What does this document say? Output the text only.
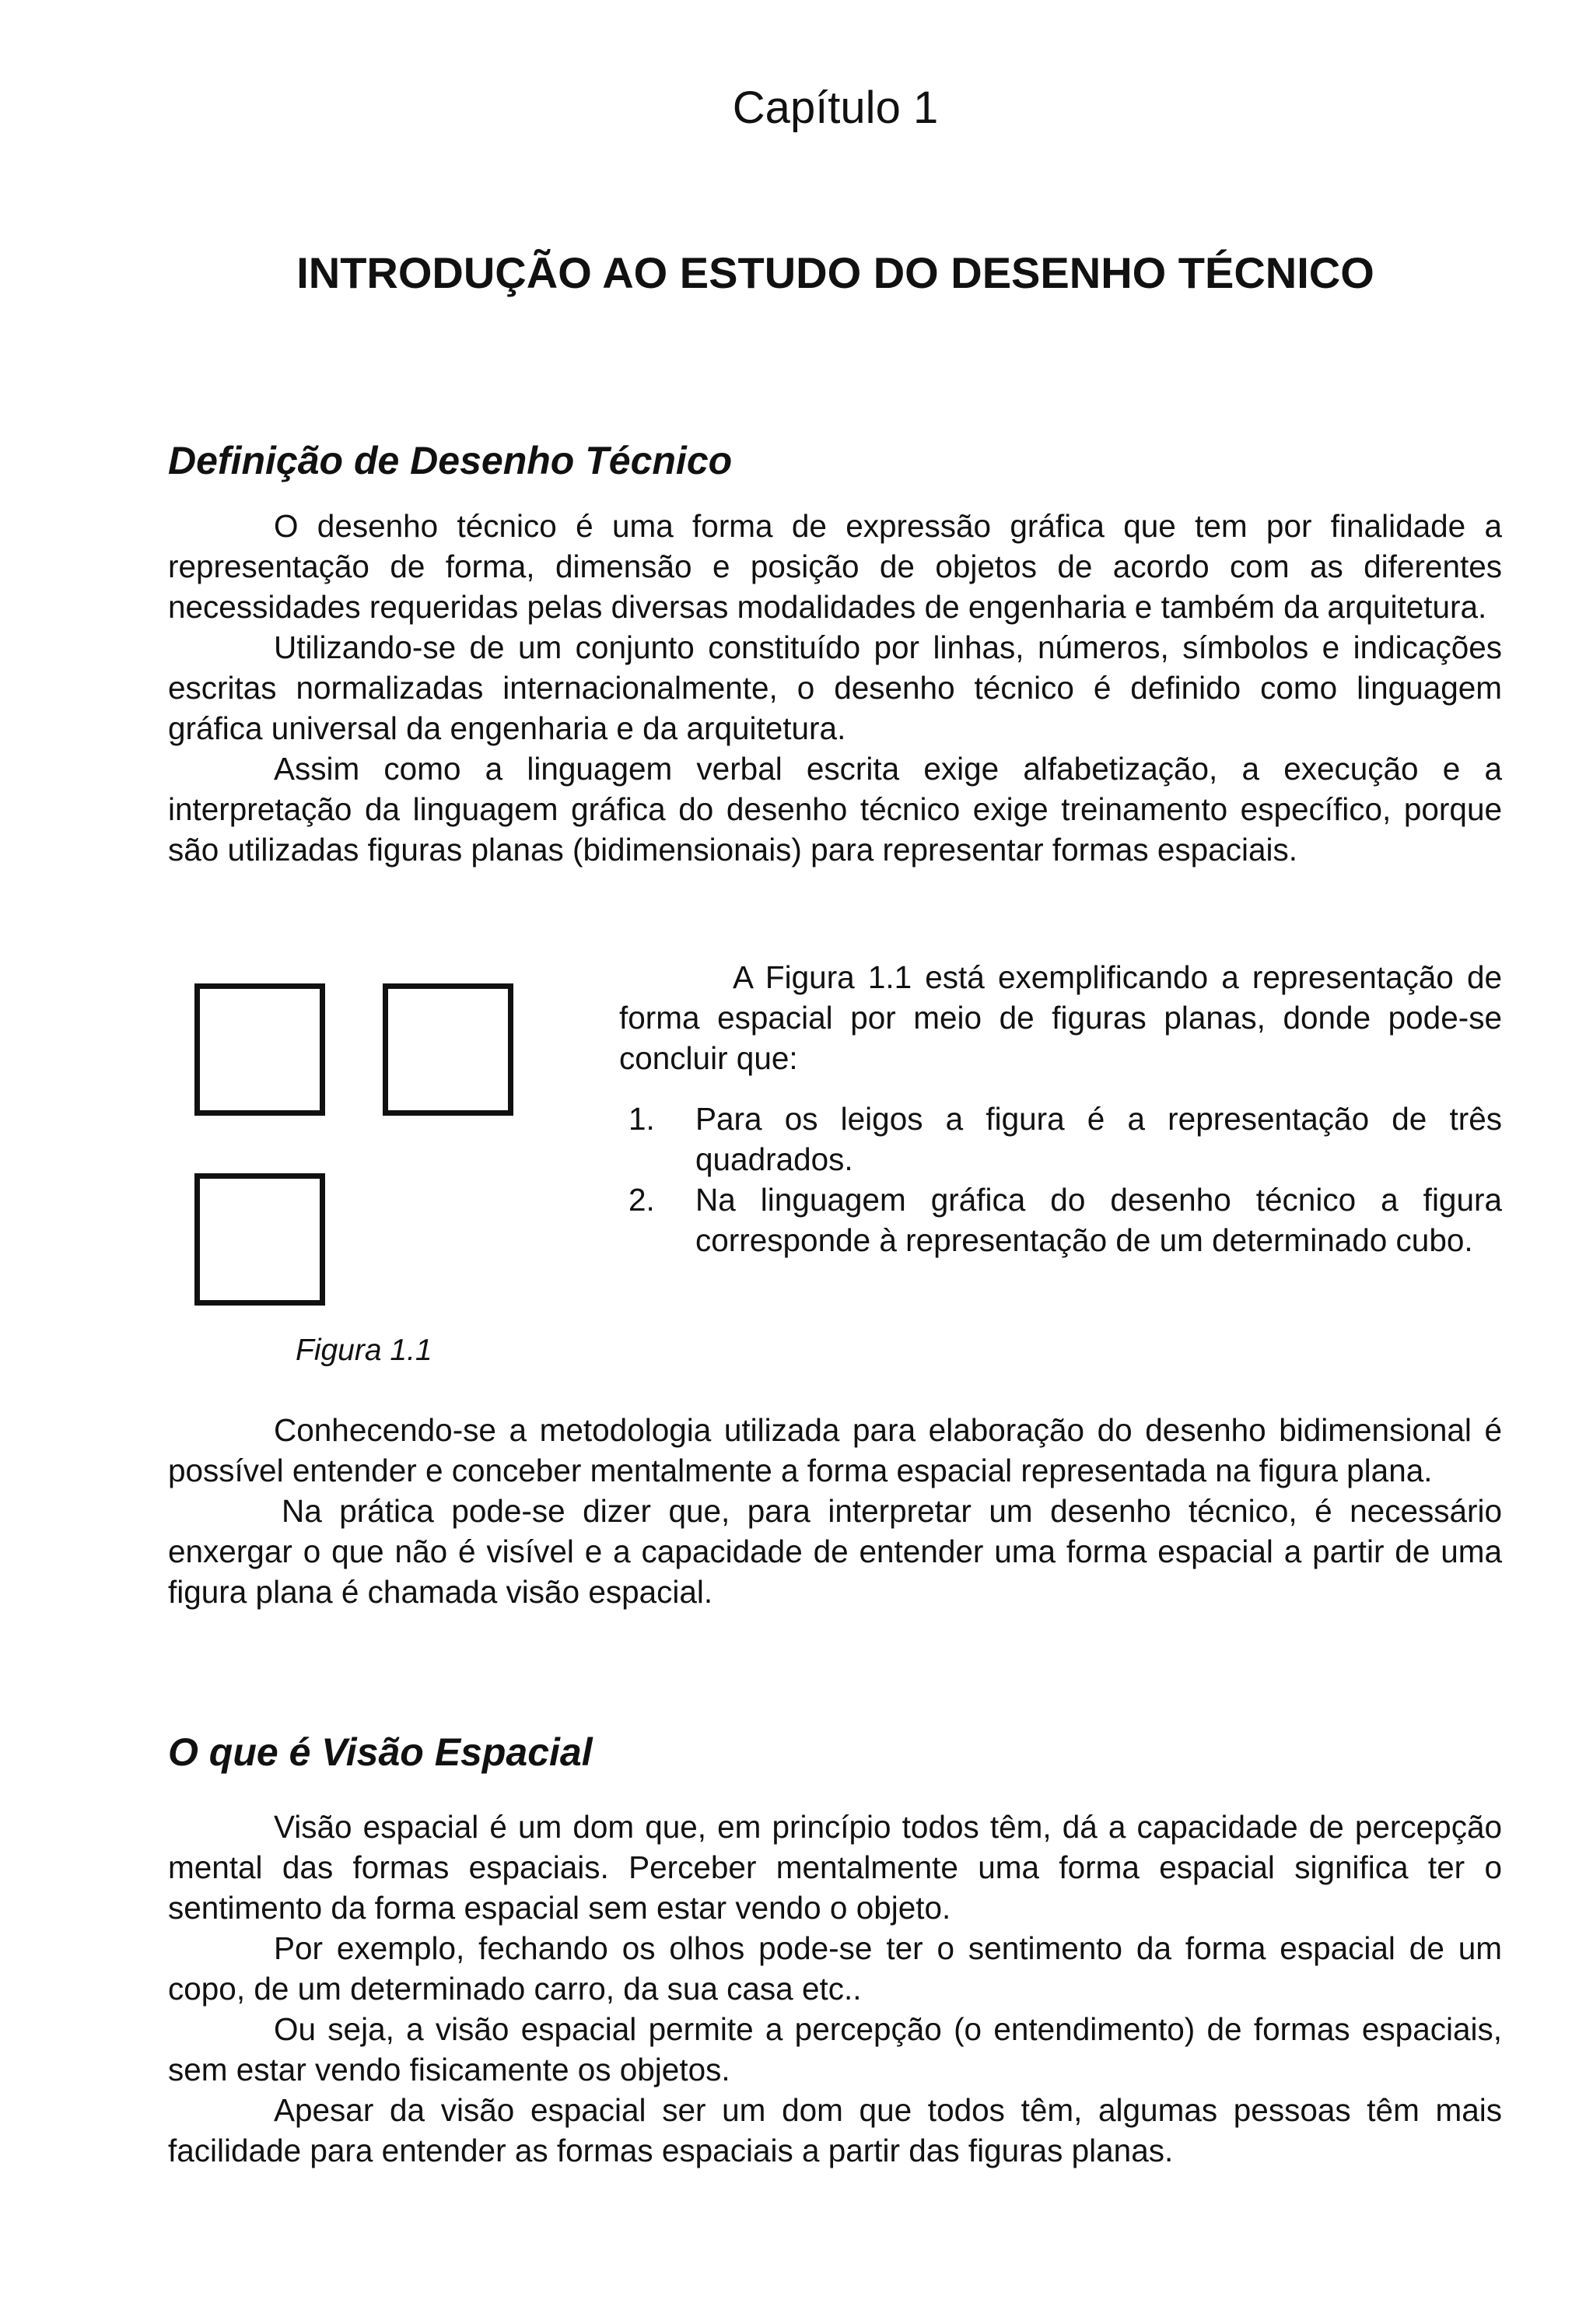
Capítulo 1
INTRODUÇÃO AO ESTUDO DO DESENHO TÉCNICO
Definição de Desenho Técnico

O desenho técnico é uma forma de expressão gráfica que tem por finalidade a representação de forma, dimensão e posição de objetos de acordo com as diferentes necessidades requeridas pelas diversas modalidades de engenharia e também da arquitetura.

Utilizando-se de um conjunto constituído por linhas, números, símbolos e indicações escritas normalizadas internacionalmente, o desenho técnico é definido como linguagem gráfica universal da engenharia e da arquitetura.

Assim como a linguagem verbal escrita exige alfabetização, a execução e a interpretação da linguagem gráfica do desenho técnico exige treinamento específico, porque são utilizadas figuras planas (bidimensionais) para representar formas espaciais.

Figura 1.1

A Figura 1.1 está exemplificando a representação de forma espacial por meio de figuras planas, donde pode-se concluir que:

1. Para os leigos a figura é a representação de três quadrados.
2. Na linguagem gráfica do desenho técnico a figura corresponde à representação de um determinado cubo.

Conhecendo-se a metodologia utilizada para elaboração do desenho bidimensional é possível entender e conceber mentalmente a forma espacial representada na figura plana.

Na prática pode-se dizer que, para interpretar um desenho técnico, é necessário enxergar o que não é visível e a capacidade de entender uma forma espacial a partir de uma figura plana é chamada visão espacial.

O que é Visão Espacial

Visão espacial é um dom que, em princípio todos têm, dá a capacidade de percepção mental das formas espaciais. Perceber mentalmente uma forma espacial significa ter o sentimento da forma espacial sem estar vendo o objeto.

Por exemplo, fechando os olhos pode-se ter o sentimento da forma espacial de um copo, de um determinado carro, da sua casa etc..

Ou seja, a visão espacial permite a percepção (o entendimento) de formas espaciais, sem estar vendo fisicamente os objetos.

Apesar da visão espacial ser um dom que todos têm, algumas pessoas têm mais facilidade para entender as formas espaciais a partir das figuras planas.
